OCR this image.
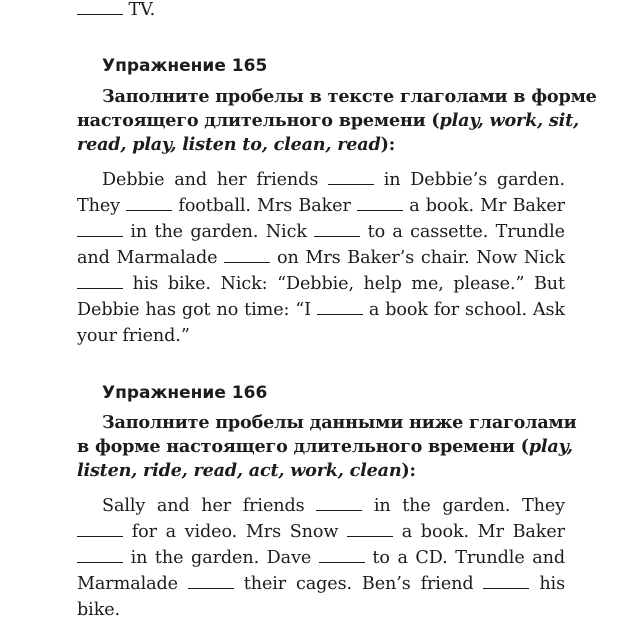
TV.
Упражнение 165
Заполните пробелы в тексте глаголами в форме
настоящего длительного времени (play, work, sit,
read, play, listen to, clean, read):
Debbie and her friends	in Debbie’s garden.
They	football. Mrs Baker	a book. Mr Baker
in the garden. Nick	to a cassette. Trundle
and Marmalade	on Mrs Baker’s chair. Now Nick
his bike. Nick: “Debbie, help me, please.” But
Debbie has got no time: “I	a book for school. Ask
your friend.”
Упражнение 166
Заполните пробелы данными ниже глаголами
в форме настоящего длительного времени (play,
listen, ride, read, act, work, clean):
Sally and her friends	in the garden. They
for a video. Mrs Snow	a book. Mr Baker
in the garden. Dave	to a CD. Trundle and
Marmalade	their cages. Ben’s friend	his
bike.
